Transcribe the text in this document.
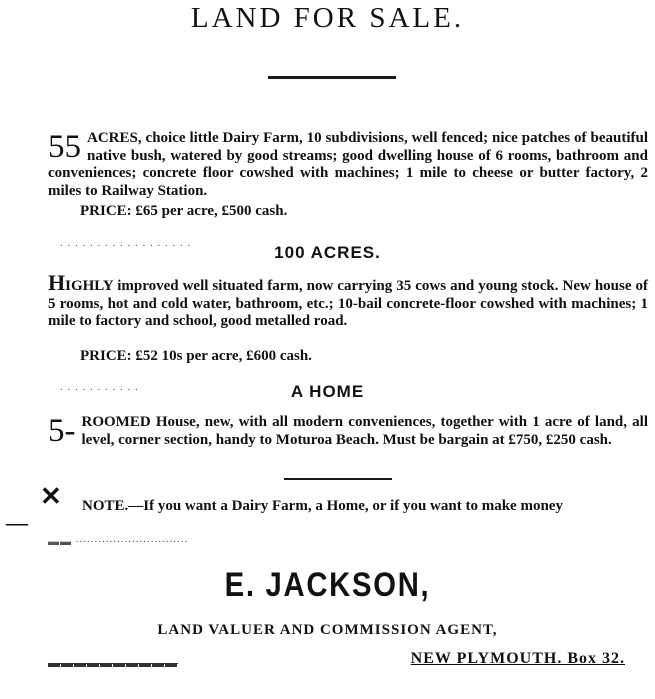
LAND FOR SALE.

55 ACRES, choice little Dairy Farm, 10 subdivisions, well fenced; nice patches of beautiful native bush, watered by good streams; good dwelling house of 6 rooms, bathroom and conveniences; concrete floor cowshed with machines; 1 mile to cheese or butter factory, 2 miles to Railway Station.

PRICE: £65 per acre, £500 cash.
∙ ∙ ∙ ∙ ∙ ∙ ∙ ∙ ∙ ∙ ∙ ∙ ∙ ∙ ∙ ∙ ∙ ∙	100 ACRES.

HIGHLY improved well situated farm, now carrying 35 cows and young stock. New house of 5 rooms, hot and cold water, bathroom, etc.; 10-bail concrete-floor cowshed with machines; 1 mile to factory and school, good metalled road.

PRICE: £52 10s per acre, £600 cash.
∙ ∙ ∙ ∙ ∙ ∙ ∙ ∙ ∙ ∙ ∙	A HOME

5- ROOMED House, new, with all modern conveniences, together with 1 acre of land, all level, corner section, handy to Moturoa Beach. Must be bargain at £750, £250 cash.

✕
—
NOTE.—If you want a Dairy Farm, a Home, or if you want to make money
▬▬ ∙∙∙∙∙∙∙∙∙∙∙∙∙∙∙∙∙∙∙∙∙∙∙∙∙∙∙∙∙∙
E. JACKSON,
LAND VALUER AND COMMISSION AGENT,
▬▬▬▬▬▬▬▬▬▬	NEW PLYMOUTH. Box 32.
